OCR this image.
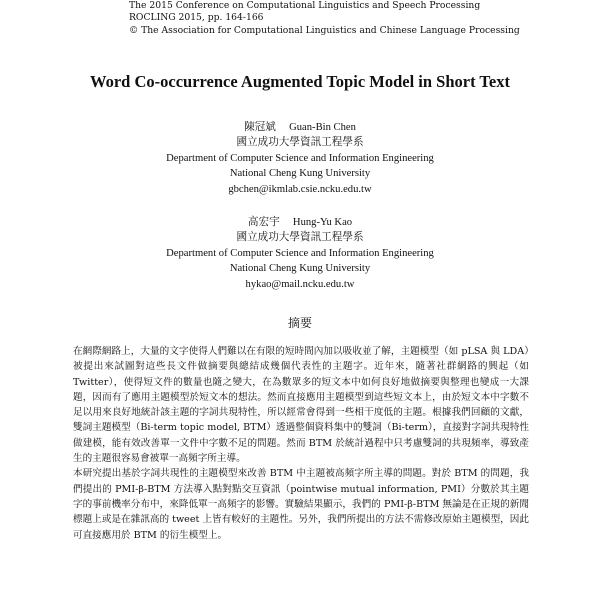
The 2015 Conference on Computational Linguistics and Speech Processing
ROCLING 2015, pp. 164-166
© The Association for Computational Linguistics and Chinese Language Processing
Word Co-occurrence Augmented Topic Model in Short Text
陳冠斌 　Guan-Bin Chen
國立成功大學資訊工程學系
Department of Computer Science and Information Engineering
National Cheng Kung University
gbchen@ikmlab.csie.ncku.edu.tw
高宏宇 　Hung-Yu Kao
國立成功大學資訊工程學系
Department of Computer Science and Information Engineering
National Cheng Kung University
hykao@mail.ncku.edu.tw
摘要

在網際網路上，大量的文字使得人們難以在有限的短時間內加以吸收並了解，主題模型（如 pLSA 與 LDA）被提出來試圖對這些長文件做摘要與總結成幾個代表性的主題字。近年來，隨著社群網路的興起（如 Twitter），使得短文件的數量也隨之變大，在為數眾多的短文本中如何良好地做摘要與整理也變成一大課題，因而有了應用主題模型於短文本的想法。然而直接應用主題模型到這些短文本上，由於短文本中字數不足以用來良好地統計該主題的字詞共現特性，所以經常會得到一些相干度低的主題。根據我們回顧的文獻，雙詞主題模型（Bi-term topic model, BTM）透過整個資料集中的雙詞（Bi-term），直接對字詞共現特性做建模，能有效改善單一文件中字數不足的問題。然而 BTM 於統計過程中只考慮雙詞的共現頻率，導致產生的主題很容易會被單一高頻字所主導。

本研究提出基於字詞共現性的主題模型來改善 BTM 中主題被高頻字所主導的問題。對於 BTM 的問題，我們提出的 PMI-β-BTM 方法導入點對點交互資訊（pointwise mutual information, PMI）分數於其主題字的事前機率分布中，來降低單一高頻字的影響。實驗結果顯示，我們的 PMI-β-BTM 無論是在正規的新聞標題上或是在雜訊高的 tweet 上皆有較好的主題性。另外，我們所提出的方法不需修改原始主題模型，因此可直接應用於 BTM 的衍生模型上。
